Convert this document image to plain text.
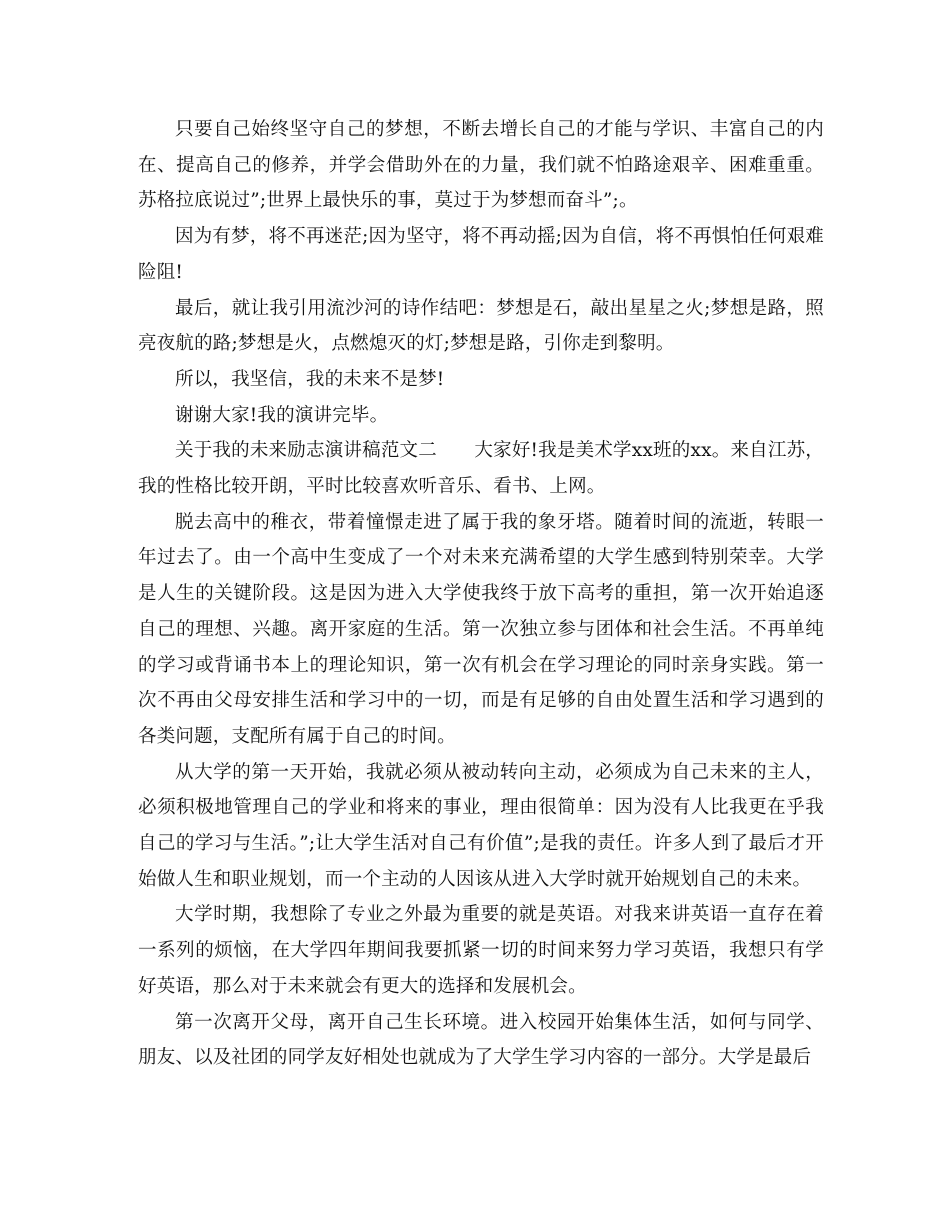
只要自己始终坚守自己的梦想，不断去增长自己的才能与学识、丰富自己的内在、提高自己的修养，并学会借助外在的力量，我们就不怕路途艰辛、困难重重。苏格拉底说过”;世界上最快乐的事，莫过于为梦想而奋斗”;。

因为有梦，将不再迷茫;因为坚守，将不再动摇;因为自信，将不再惧怕任何艰难险阻!

最后，就让我引用流沙河的诗作结吧：梦想是石，敲出星星之火;梦想是路，照亮夜航的路;梦想是火，点燃熄灭的灯;梦想是路，引你走到黎明。

所以，我坚信，我的未来不是梦!

谢谢大家!我的演讲完毕。

关于我的未来励志演讲稿范文二　　大家好!我是美术学xx班的xx。来自江苏，我的性格比较开朗，平时比较喜欢听音乐、看书、上网。

脱去高中的稚衣，带着憧憬走进了属于我的象牙塔。随着时间的流逝，转眼一年过去了。由一个高中生变成了一个对未来充满希望的大学生感到特别荣幸。大学是人生的关键阶段。这是因为进入大学使我终于放下高考的重担，第一次开始追逐自己的理想、兴趣。离开家庭的生活。第一次独立参与团体和社会生活。不再单纯的学习或背诵书本上的理论知识，第一次有机会在学习理论的同时亲身实践。第一次不再由父母安排生活和学习中的一切，而是有足够的自由处置生活和学习遇到的各类问题，支配所有属于自己的时间。

从大学的第一天开始，我就必须从被动转向主动，必须成为自己未来的主人，必须积极地管理自己的学业和将来的事业，理由很简单：因为没有人比我更在乎我自己的学习与生活。”;让大学生活对自己有价值”;是我的责任。许多人到了最后才开始做人生和职业规划，而一个主动的人因该从进入大学时就开始规划自己的未来。

大学时期，我想除了专业之外最为重要的就是英语。对我来讲英语一直存在着一系列的烦恼，在大学四年期间我要抓紧一切的时间来努力学习英语，我想只有学好英语，那么对于未来就会有更大的选择和发展机会。

第一次离开父母，离开自己生长环境。进入校园开始集体生活，如何与同学、朋友、以及社团的同学友好相处也就成为了大学生学习内容的一部分。大学是最后
